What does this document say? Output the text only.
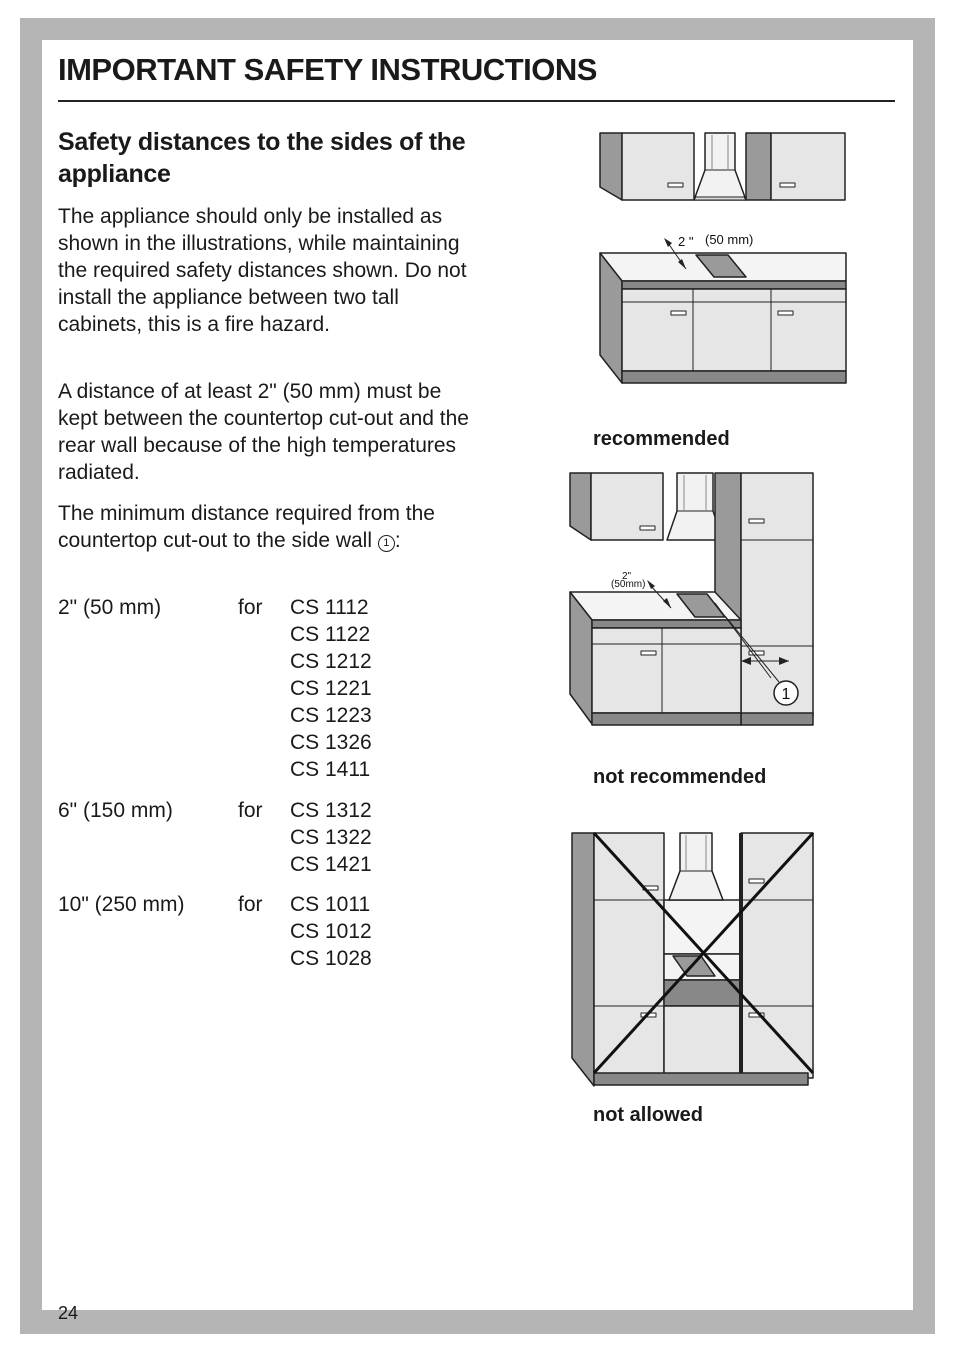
IMPORTANT SAFETY INSTRUCTIONS
Safety distances to the sides of the appliance

The appliance should only be installed as shown in the illustrations, while maintaining the required safety distances shown. Do not install the appliance between two tall cabinets, this is a fire hazard.

A distance of at least 2" (50 mm) must be kept between the countertop cut-out and the rear wall because of the high temperatures radiated.

The minimum distance required from the countertop cut-out to the side wall 1 :

2" (50 mm)	for CS 1112
CS 1122
CS 1212
CS 1221
CS 1223
CS 1326
CS 1411
6" (150 mm)	for CS 1312
CS 1322
CS 1421
10" (250 mm)	for CS 1011
CS 1012
CS 1028
2 " (50 mm)
recommended
1
2"
(50mm)
not recommended
not allowed
24
